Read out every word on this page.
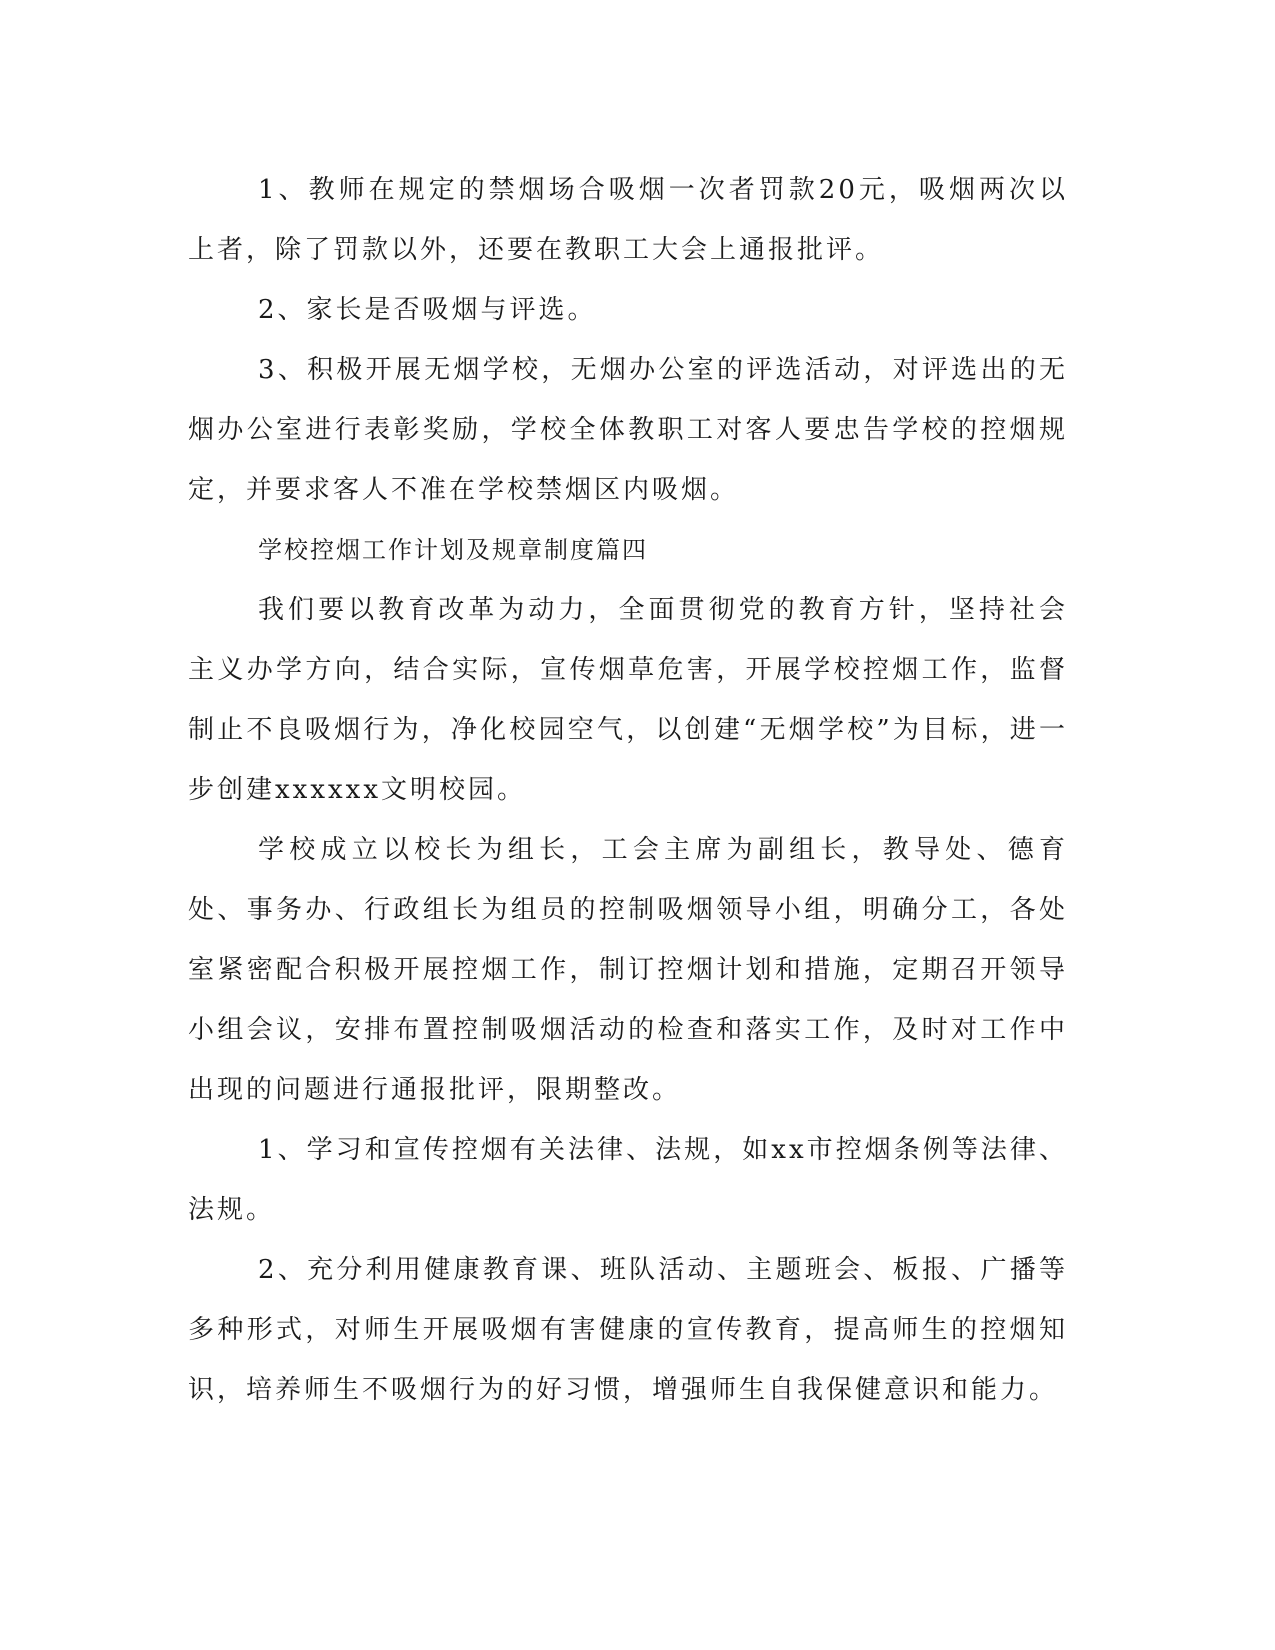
1、教师在规定的禁烟场合吸烟一次者罚款20元，吸烟两次以上者，除了罚款以外，还要在教职工大会上通报批评。

2、家长是否吸烟与评选。

3、积极开展无烟学校，无烟办公室的评选活动，对评选出的无烟办公室进行表彰奖励，学校全体教职工对客人要忠告学校的控烟规定，并要求客人不准在学校禁烟区内吸烟。

学校控烟工作计划及规章制度篇四

我们要以教育改革为动力，全面贯彻党的教育方针，坚持社会主义办学方向，结合实际，宣传烟草危害，开展学校控烟工作，监督制止不良吸烟行为，净化校园空气，以创建“无烟学校”为目标，进一步创建xxxxxx文明校园。

学校成立以校长为组长，工会主席为副组长，教导处、德育处、事务办、行政组长为组员的控制吸烟领导小组，明确分工，各处室紧密配合积极开展控烟工作，制订控烟计划和措施，定期召开领导小组会议，安排布置控制吸烟活动的检查和落实工作，及时对工作中出现的问题进行通报批评，限期整改。

1、学习和宣传控烟有关法律、法规，如xx市控烟条例等法律、法规。

2、充分利用健康教育课、班队活动、主题班会、板报、广播等多种形式，对师生开展吸烟有害健康的宣传教育，提高师生的控烟知识，培养师生不吸烟行为的好习惯，增强师生自我保健意识和能力。
